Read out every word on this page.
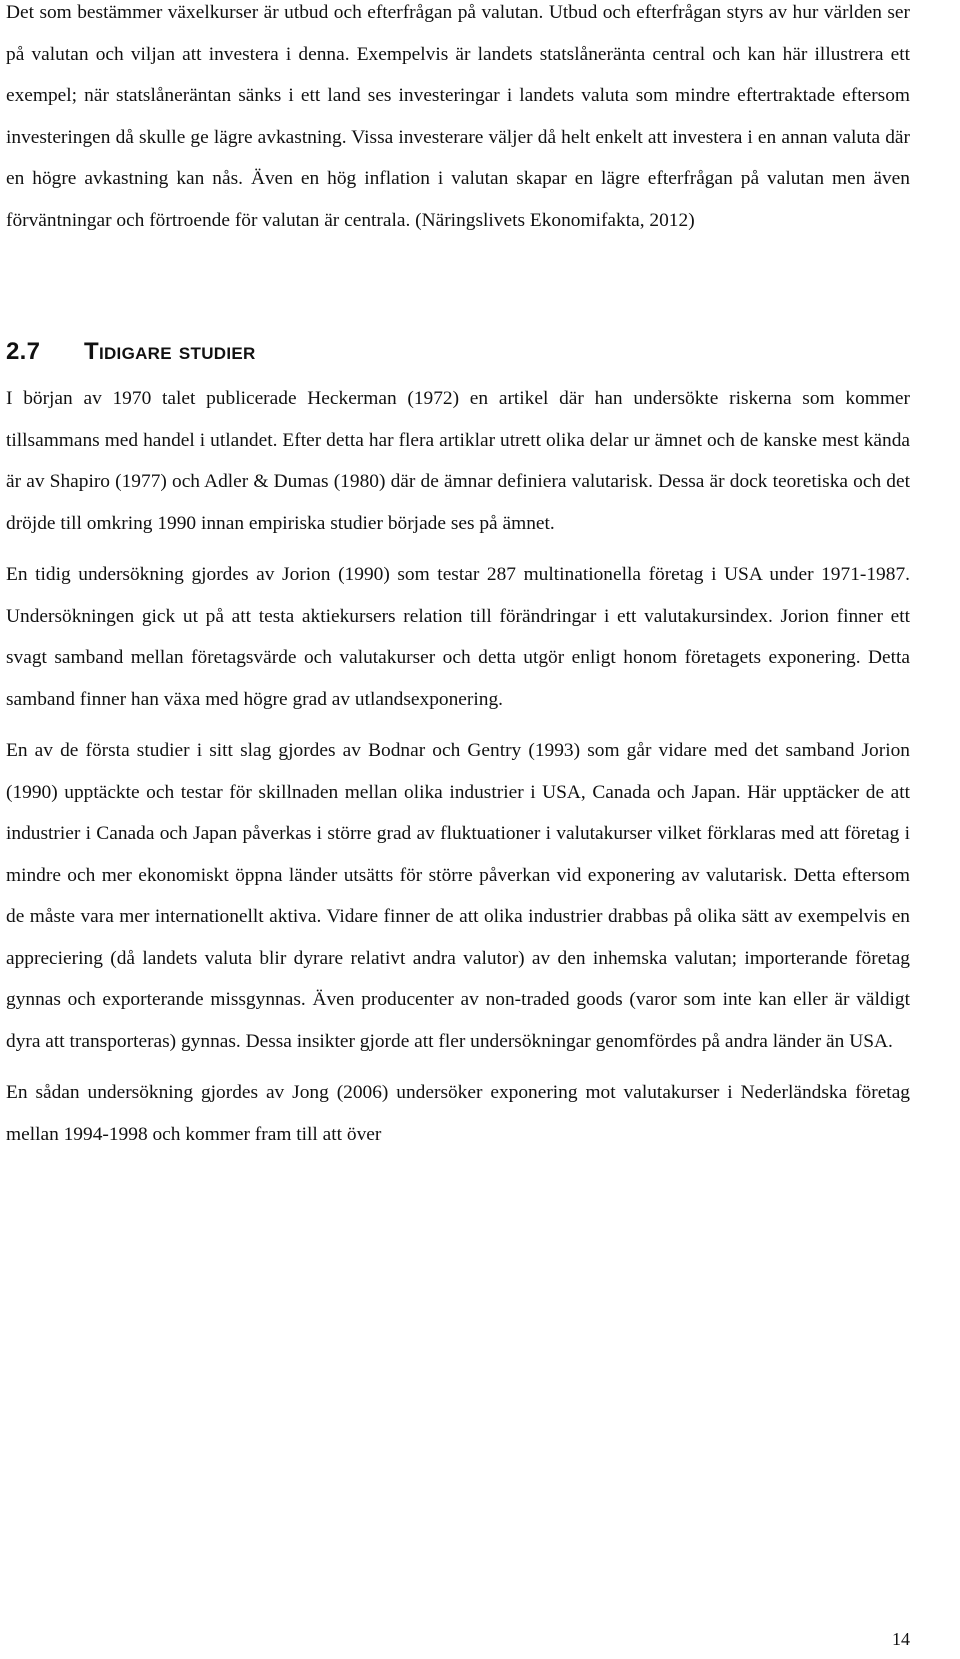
Det som bestämmer växelkurser är utbud och efterfrågan på valutan. Utbud och efterfrågan styrs av hur världen ser på valutan och viljan att investera i denna. Exempelvis är landets statslåneränta central och kan här illustrera ett exempel; när statslåneräntan sänks i ett land ses investeringar i landets valuta som mindre eftertraktade eftersom investeringen då skulle ge lägre avkastning. Vissa investerare väljer då helt enkelt att investera i en annan valuta där en högre avkastning kan nås. Även en hög inflation i valutan skapar en lägre efterfrågan på valutan men även förväntningar och förtroende för valutan är centrala. (Näringslivets Ekonomifakta, 2012)

2.7	Tidigare studier

I början av 1970 talet publicerade Heckerman (1972) en artikel där han undersökte riskerna som kommer tillsammans med handel i utlandet. Efter detta har flera artiklar utrett olika delar ur ämnet och de kanske mest kända är av Shapiro (1977) och Adler & Dumas (1980) där de ämnar definiera valutarisk. Dessa är dock teoretiska och det dröjde till omkring 1990 innan empiriska studier började ses på ämnet.

En tidig undersökning gjordes av Jorion (1990) som testar 287 multinationella företag i USA under 1971-1987. Undersökningen gick ut på att testa aktiekursers relation till förändringar i ett valutakursindex. Jorion finner ett svagt samband mellan företagsvärde och valutakurser och detta utgör enligt honom företagets exponering. Detta samband finner han växa med högre grad av utlandsexponering.

En av de första studier i sitt slag gjordes av Bodnar och Gentry (1993) som går vidare med det samband Jorion (1990) upptäckte och testar för skillnaden mellan olika industrier i USA, Canada och Japan. Här upptäcker de att industrier i Canada och Japan påverkas i större grad av fluktuationer i valutakurser vilket förklaras med att företag i mindre och mer ekonomiskt öppna länder utsätts för större påverkan vid exponering av valutarisk. Detta eftersom de måste vara mer internationellt aktiva. Vidare finner de att olika industrier drabbas på olika sätt av exempelvis en appreciering (då landets valuta blir dyrare relativt andra valutor) av den inhemska valutan; importerande företag gynnas och exporterande missgynnas. Även producenter av non-traded goods (varor som inte kan eller är väldigt dyra att transporteras) gynnas. Dessa insikter gjorde att fler undersökningar genomfördes på andra länder än USA.

En sådan undersökning gjordes av Jong (2006) undersöker exponering mot valutakurser i Nederländska företag mellan 1994-1998 och kommer fram till att över

14
